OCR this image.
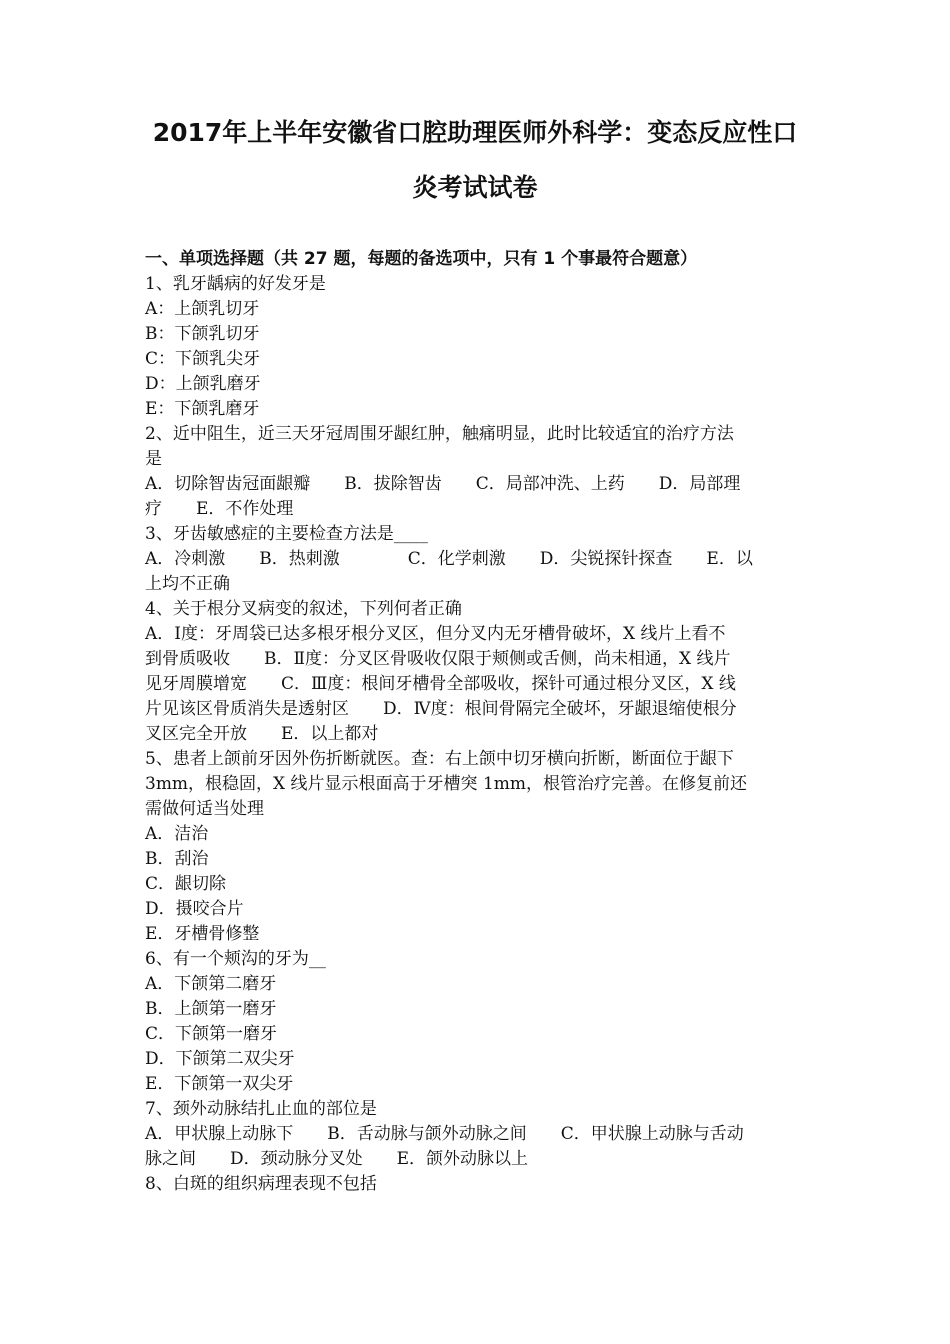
2017年上半年安徽省口腔助理医师外科学：变态反应性口
炎考试试卷
一、单项选择题（共 27 题，每题的备选项中，只有 1 个事最符合题意）
1、乳牙龋病的好发牙是
A：上颌乳切牙
B：下颌乳切牙
C：下颌乳尖牙
D：上颌乳磨牙
E：下颌乳磨牙
2、近中阻生，近三天牙冠周围牙龈红肿，触痛明显，此时比较适宜的治疗方法
是
A．切除智齿冠面龈瓣　　B．拔除智齿　　C．局部冲洗、上药　　D．局部理
疗　　E．不作处理
3、牙齿敏感症的主要检查方法是____
A．冷刺激　　B．热刺激　　　　C．化学刺激　　D．尖锐探针探查　　E．以
上均不正确
4、关于根分叉病变的叙述，下列何者正确
A．Ⅰ度：牙周袋已达多根牙根分叉区，但分叉内无牙槽骨破坏，X 线片上看不
到骨质吸收　　B．Ⅱ度：分叉区骨吸收仅限于颊侧或舌侧，尚未相通，X 线片
见牙周膜增宽　　C．Ⅲ度：根间牙槽骨全部吸收，探针可通过根分叉区，X 线
片见该区骨质消失是透射区　　D．Ⅳ度：根间骨隔完全破坏，牙龈退缩使根分
叉区完全开放　　E．以上都对
5、患者上颌前牙因外伤折断就医。查：右上颌中切牙横向折断，断面位于龈下
3mm，根稳固，X 线片显示根面高于牙槽突 1mm，根管治疗完善。在修复前还
需做何适当处理
A．洁治
B．刮治
C．龈切除
D．摄咬合片
E．牙槽骨修整
6、有一个颊沟的牙为__
A．下颌第二磨牙
B．上颌第一磨牙
C．下颌第一磨牙
D．下颌第二双尖牙
E．下颌第一双尖牙
7、颈外动脉结扎止血的部位是
A．甲状腺上动脉下　　B．舌动脉与颌外动脉之间　　C．甲状腺上动脉与舌动
脉之间　　D．颈动脉分叉处　　E．颌外动脉以上
8、白斑的组织病理表现不包括
